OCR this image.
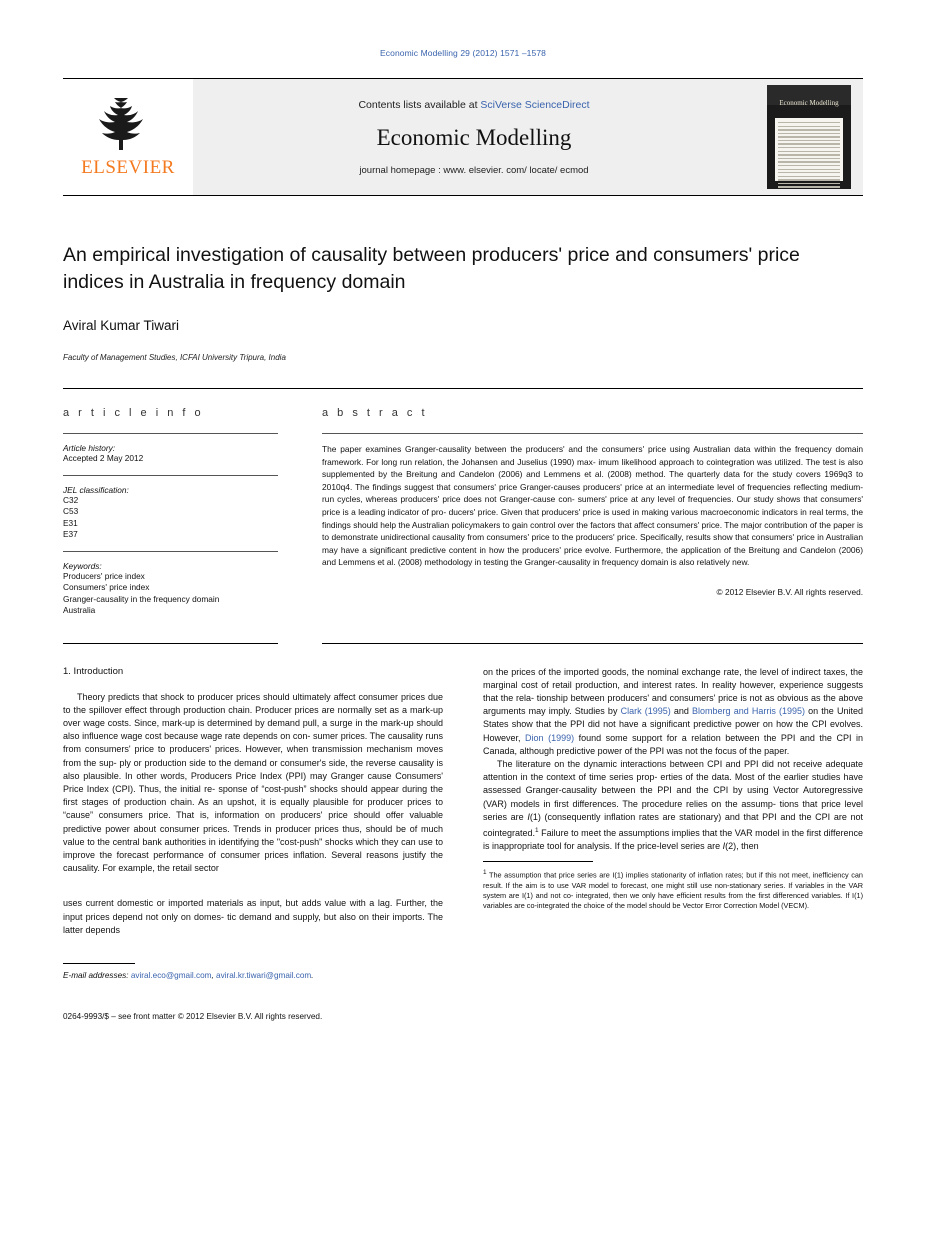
Economic Modelling 29 (2012) 1571 –1578
ELSEVIER
Contents lists available at SciVerse ScienceDirect
Economic Modelling
journal homepage : www. elsevier. com/ locate/ ecmod
Economic Modelling
An empirical investigation of causality between producers' price and consumers' price indices in Australia in frequency domain

Aviral Kumar Tiwari

Faculty of Management Studies, ICFAI University Tripura, India

a r t i c l e i n f o

Article history:

Accepted 2 May 2012

JEL classification:

C32

C53

E31

E37

Keywords:

Producers' price index

Consumers' price index

Granger-causality in the frequency domain

Australia

a b s t r a c t

The paper examines Granger-causality between the producers' and the consumers' price using Australian data within the frequency domain framework. For long run relation, the Johansen and Juselius (1990) max- imum likelihood approach to cointegration was utilized. The test is also supplemented by the Breitung and Candelon (2006) and Lemmens et al. (2008) method. The quarterly data for the study covers 1969q3 to 2010q4. The findings suggest that consumers' price Granger-causes producers' price at an intermediate level of frequencies reflecting medium-run cycles, whereas producers' price does not Granger-cause con- sumers' price at any level of frequencies. Our study shows that consumers' price is a leading indicator of pro- ducers' price. Given that producers' price is used in making various macroeconomic indicators in real terms, the findings should help the Australian policymakers to gain control over the factors that affect consumers' price. The major contribution of the paper is to demonstrate unidirectional causality from consumers' price to the producers' price. Specifically, results show that consumers' price in Australian may have a significant predictive content in how the producers' price evolve. Furthermore, the application of the Breitung and Candelon (2006) and Lemmens et al. (2008) methodology in testing the Granger-causality in frequency domain is also relatively new.

© 2012 Elsevier B.V. All rights reserved.
1. Introduction

Theory predicts that shock to producer prices should ultimately affect consumer prices due to the spillover effect through production chain. Producer prices are normally set as a mark-up over wage costs. Since, mark-up is determined by demand pull, a surge in the mark-up should also influence wage cost because wage rate depends on con- sumer prices. The causality runs from consumers' price to producers' prices. However, when transmission mechanism moves from the sup- ply or production side to the demand or consumer's side, the reverse causality is also plausible. In other words, Producers Price Index (PPI) may Granger cause Consumers' Price Index (CPI). Thus, the initial re- sponse of “cost-push” shocks should appear during the first stages of production chain. As an upshot, it is equally plausible for producer prices to “cause” consumers price. That is, information on producers' price should offer valuable predictive power about consumer prices. Trends in producer prices thus, should be of much value to the central bank authorities in identifying the "cost-push" shocks which they can use to improve the forecast performance of consumer prices inflation. Several reasons justify the causality. For example, the retail sector

uses current domestic or imported materials as input, but adds value with a lag. Further, the input prices depend not only on domes- tic demand and supply, but also on their imports. The latter depends

E-mail addresses: aviral.eco@gmail.com, aviral.kr.tiwari@gmail.com.

on the prices of the imported goods, the nominal exchange rate, the level of indirect taxes, the marginal cost of retail production, and interest rates. In reality however, experience suggests that the rela- tionship between producers' and consumers' price is not as obvious as the above arguments may imply. Studies by Clark (1995) and Blomberg and Harris (1995) on the United States show that the PPI did not have a significant predictive power on how the CPI evolves. However, Dion (1999) found some support for a relation between the PPI and the CPI in Canada, although predictive power of the PPI was not the focus of the paper.

The literature on the dynamic interactions between CPI and PPI did not receive adequate attention in the context of time series prop- erties of the data. Most of the earlier studies have assessed Granger-causality between the PPI and the CPI by using Vector Autoregressive (VAR) models in first differences. The procedure relies on the assump- tions that price level series are I(1) (consequently inflation rates are stationary) and that PPI and the CPI are not cointegrated.$^1$ Failure to meet the assumptions implies that the VAR model in the first difference is inappropriate tool for analysis. If the price-level series are I(2), then

$^1$ The assumption that price series are I(1) implies stationarity of inflation rates; but if this not meet, inefficiency can result. If the aim is to use VAR model to forecast, one might still use non-stationary series. If variables in the VAR system are I(1) and not co- integrated, then we only have efficient results from the first differenced variables. If I(1) variables are co-integrated the choice of the model should be Vector Error Correction Model (VECM).

0264-9993/$ – see front matter © 2012 Elsevier B.V. All rights reserved.
